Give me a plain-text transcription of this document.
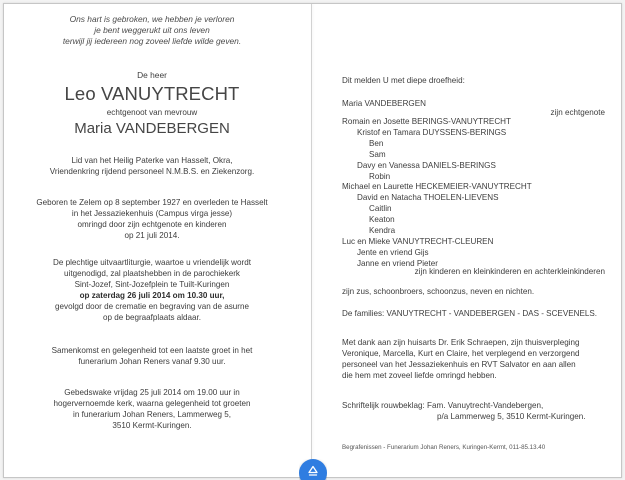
Ons hart is gebroken, we hebben je verloren
je bent weggerukt uit ons leven
terwijl jij iedereen nog zoveel liefde wilde geven.
De heer
Leo VANUYTRECHT
echtgenoot van mevrouw
Maria VANDEBERGEN
Lid van het Heilig Paterke van Hasselt, Okra,
Vriendenkring rijdend personeel N.M.B.S. en Ziekenzorg.
Geboren te Zelem op 8 september 1927 en overleden te Hasselt
in het Jessaziekenhuis (Campus virga jesse)
omringd door zijn echtgenote en kinderen
op 21 juli 2014.
De plechtige uitvaartliturgie, waartoe u vriendelijk wordt
uitgenodigd, zal plaatshebben in de parochiekerk
Sint-Jozef, Sint-Jozefplein te Tuilt-Kuringen
op zaterdag 26 juli 2014 om 10.30 uur,
gevolgd door de crematie en begraving van de asurne
op de begraafplaats aldaar.
Samenkomst en gelegenheid tot een laatste groet in het
funerarium Johan Reners vanaf 9.30 uur.
Gebedswake vrijdag 25 juli 2014 om 19.00 uur in
hogervernoemde kerk, waarna gelegenheid tot groeten
in funerarium Johan Reners, Lammerweg 5,
3510 Kermt-Kuringen.
Dit melden U met diepe droefheid:
Maria VANDEBERGEN
zijn echtgenote
Romain en Josette BERINGS-VANUYTRECHT
Kristof en Tamara DUYSSENS-BERINGS
Ben
Sam
Davy en Vanessa DANIELS-BERINGS
Robin
Michael en Laurette HECKEMEIER-VANUYTRECHT
David en Natacha THOELEN-LIEVENS
Caitlin
Keaton
Kendra
Luc en Mieke VANUYTRECHT-CLEUREN
Jente en vriend Gijs
Janne en vriend Pieter
zijn kinderen en kleinkinderen en achterkleinkinderen
zijn zus, schoonbroers, schoonzus, neven en nichten.
De families: VANUYTRECHT - VANDEBERGEN - DAS - SCEVENELS.
Met dank aan zijn huisarts Dr. Erik Schraepen, zijn thuisverpleging
Veronique, Marcella, Kurt en Claire, het verplegend en verzorgend
personeel van het Jessaziekenhuis en RVT Salvator en aan allen
die hem met zoveel liefde omringd hebben.
Schriftelijk rouwbeklag: Fam. Vanuytrecht-Vandebergen,
p/a Lammerweg 5, 3510 Kermt-Kuringen.
Begrafenissen - Funerarium Johan Reners, Kuringen-Kermt, 011-85.13.40
